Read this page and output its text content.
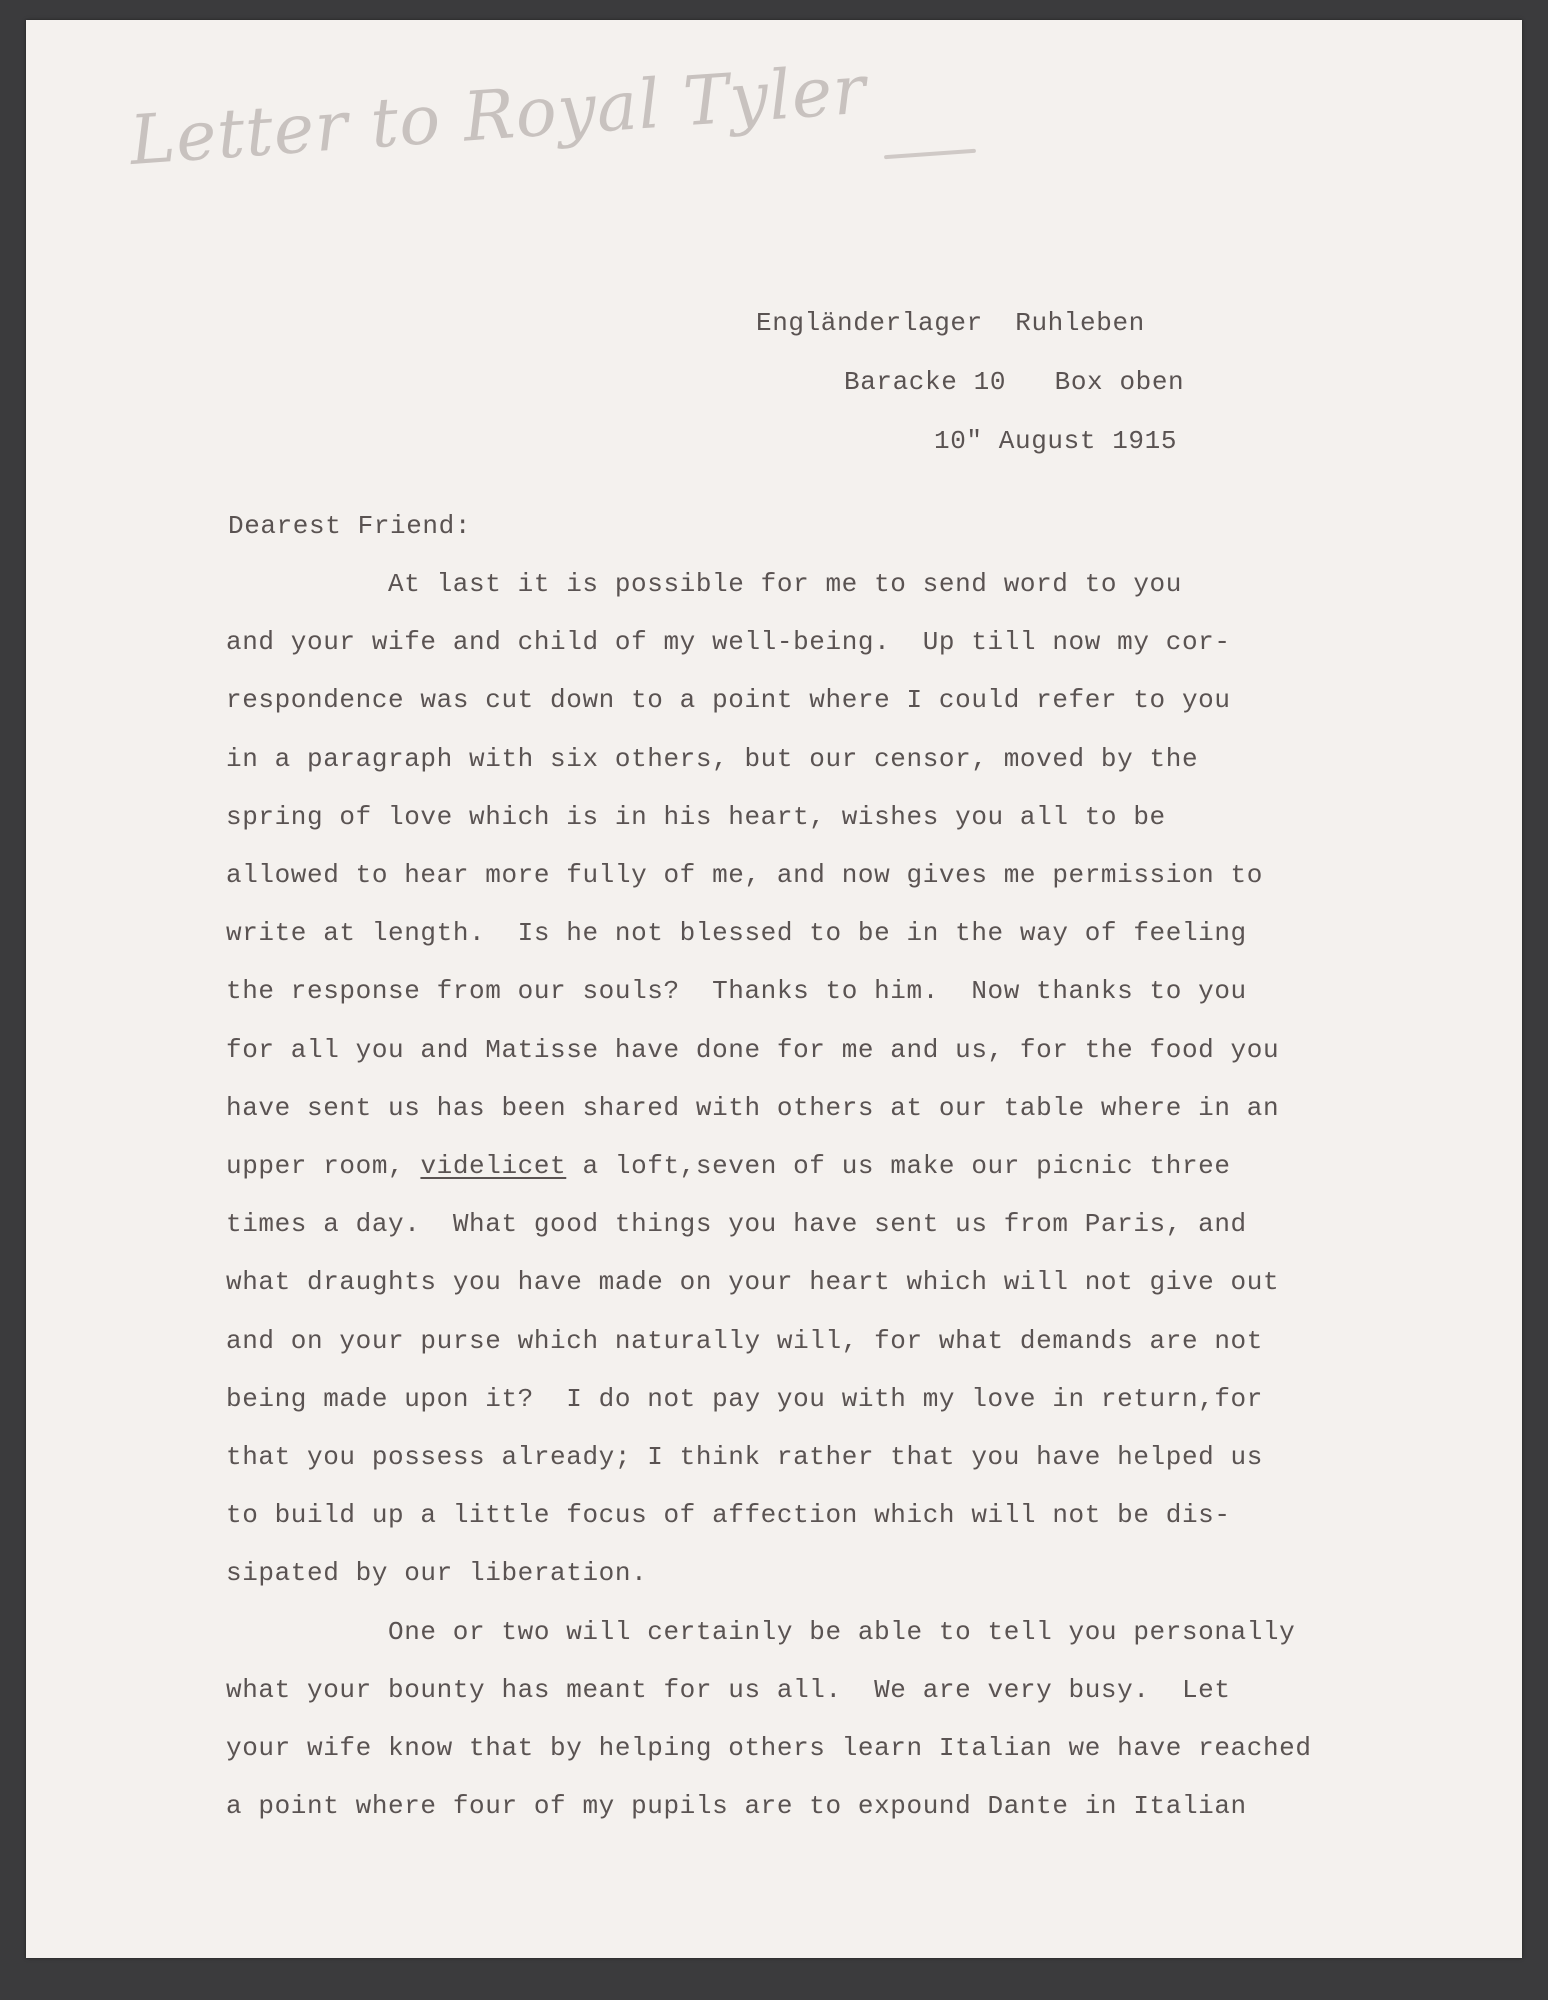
Letter to Royal Tyler
Engländerlager  Ruhleben
Baracke 10   Box oben
10" August 1915
Dearest Friend:
At last it is possible for me to send word to you
and your wife and child of my well-being.  Up till now my cor-
respondence was cut down to a point where I could refer to you
in a paragraph with six others, but our censor, moved by the
spring of love which is in his heart, wishes you all to be
allowed to hear more fully of me, and now gives me permission to
write at length.  Is he not blessed to be in the way of feeling
the response from our souls?  Thanks to him.  Now thanks to you
for all you and Matisse have done for me and us, for the food you
have sent us has been shared with others at our table where in an
upper room, videlicet a loft,seven of us make our picnic three
times a day.  What good things you have sent us from Paris, and
what draughts you have made on your heart which will not give out
and on your purse which naturally will, for what demands are not
being made upon it?  I do not pay you with my love in return,for
that you possess already; I think rather that you have helped us
to build up a little focus of affection which will not be dis-
sipated by our liberation.
One or two will certainly be able to tell you personally
what your bounty has meant for us all.  We are very busy.  Let
your wife know that by helping others learn Italian we have reached
a point where four of my pupils are to expound Dante in Italian
